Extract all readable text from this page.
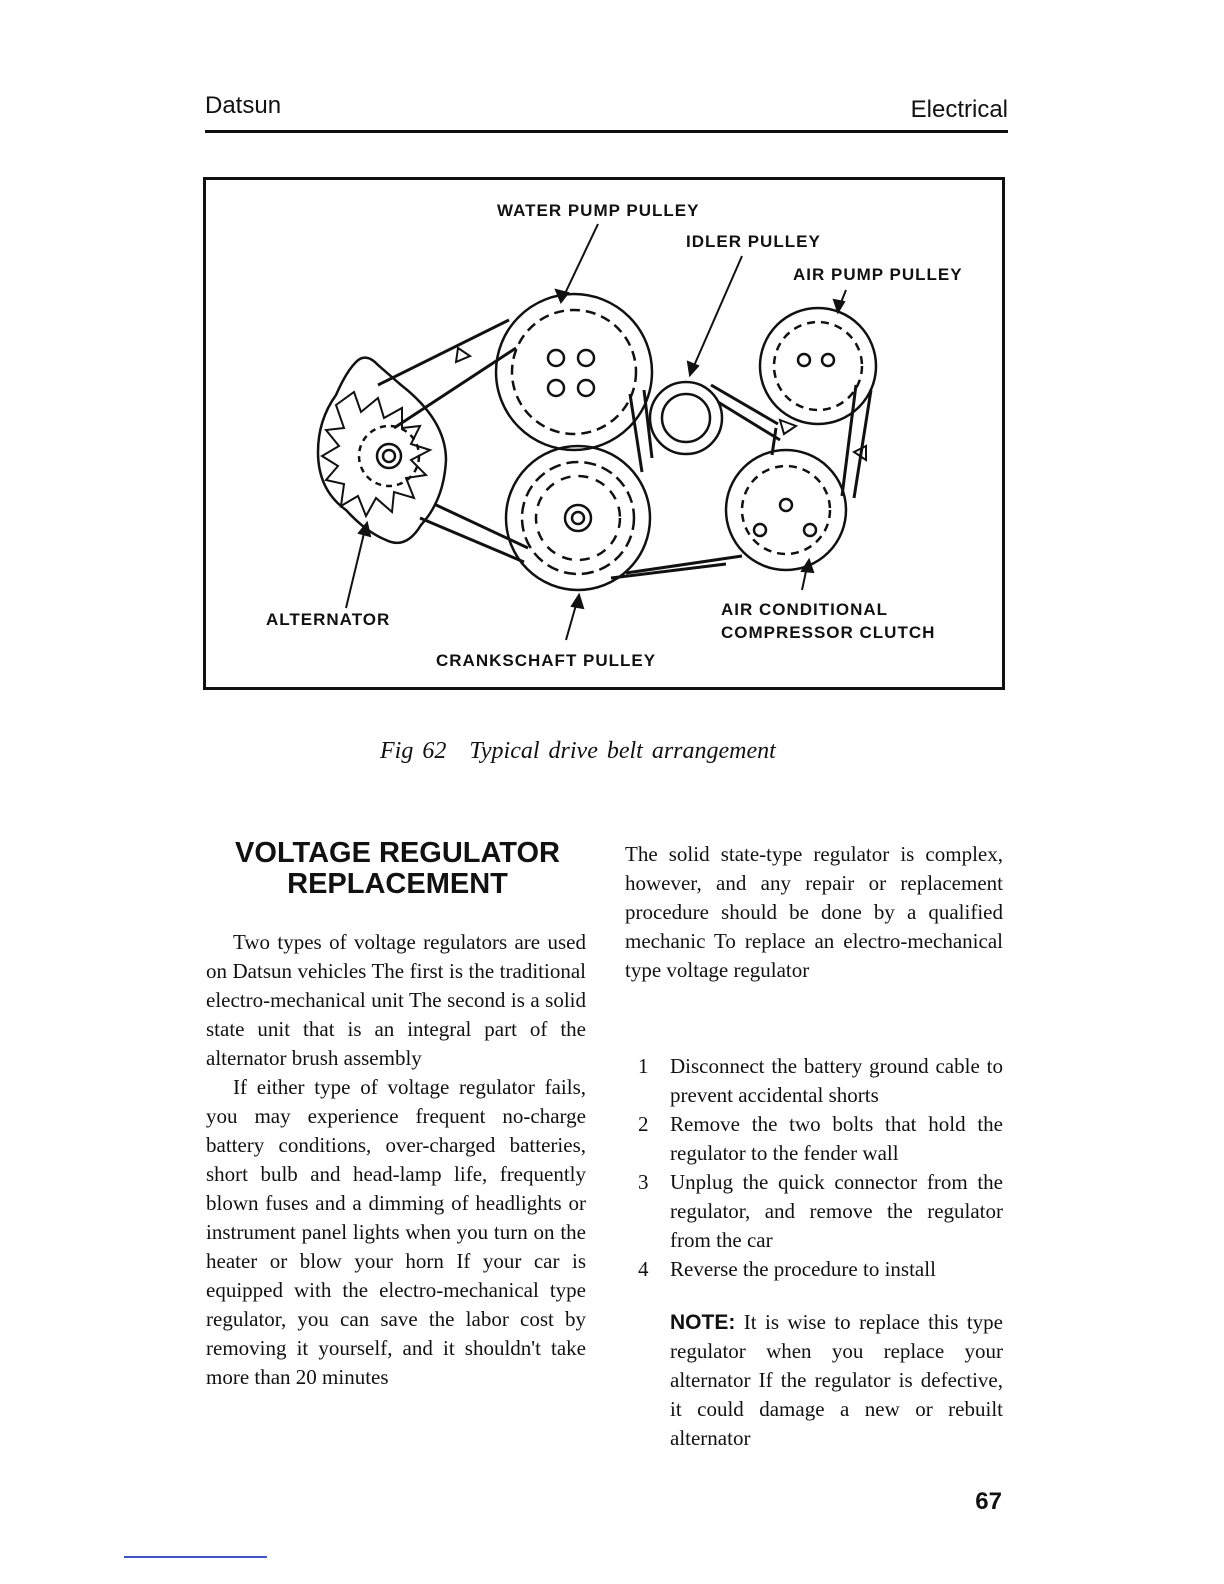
Datsun	Electrical
WATER PUMP PULLEY
IDLER PULLEY
AIR PUMP PULLEY
ALTERNATOR
CRANKSCHAFT PULLEY
AIR CONDITIONAL
COMPRESSOR CLUTCH
Fig 62 Typical drive belt arrangement
VOLTAGE REGULATOR
REPLACEMENT

Two types of voltage regulators are used on Datsun vehicles The first is the traditional electro-mechanical unit The second is a solid state unit that is an integral part of the alternator brush assembly

If either type of voltage regulator fails, you may experience frequent no-charge battery conditions, over-charged batteries, short bulb and head-lamp life, frequently blown fuses and a dimming of headlights or instrument panel lights when you turn on the heater or blow your horn If your car is equipped with the electro-mechanical type regulator, you can save the labor cost by removing it yourself, and it shouldn't take more than 20 minutes

The solid state-type regulator is complex, however, and any repair or replacement procedure should be done by a qualified mechanic To replace an electro-mechanical type voltage regulator

1 Disconnect the battery ground cable to prevent accidental shorts
2 Remove the two bolts that hold the regulator to the fender wall
3 Unplug the quick connector from the regulator, and remove the regulator from the car
4 Reverse the procedure to install
NOTE: It is wise to replace this type regulator when you replace your alternator If the regulator is defective, it could damage a new or rebuilt alternator
67
